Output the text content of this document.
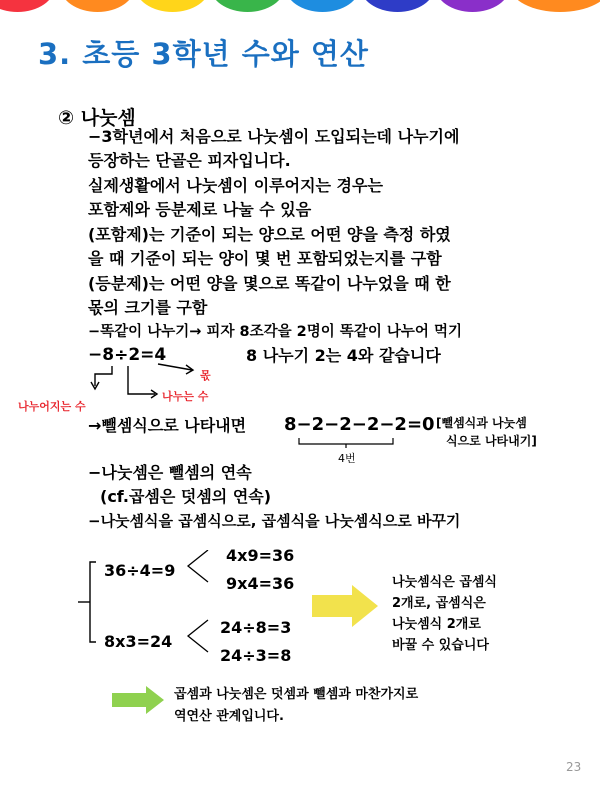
3. 초등 3학년 수와 연산
② 나눗셈
−3학년에서 처음으로 나눗셈이 도입되는데 나누기에
등장하는 단골은 피자입니다.
실제생활에서 나눗셈이 이루어지는 경우는
포함제와 등분제로 나눌 수 있음
(포함제)는 기준이 되는 양으로 어떤 양을 측정 하였
을 때 기준이 되는 양이 몇 번 포함되었는지를 구함
(등분제)는 어떤 양을 몇으로 똑같이 나누었을 때 한
몫의 크기를 구함
−똑같이 나누기→ 피자 8조각을 2명이 똑같이 나누어 먹기
−8÷2=4	8 나누기 2는 4와 같습니다
몫
나누어지는 수
나누는 수
→뺄셈식으로 나타내면 8−2−2−2−2=0
4번
[뺄셈식과 나눗셈
식으로 나타내기]
−나눗셈은 뺄셈의 연속
(cf.곱셈은 덧셈의 연속)
−나눗셈식을 곱셈식으로, 곱셈식을 나눗셈식으로 바꾸기
36÷4=9
4x9=36
9x4=36
8x3=24
24÷8=3
24÷3=8
나눗셈식은 곱셈식
2개로, 곱셈식은
나눗셈식 2개로
바꿀 수 있습니다
곱셈과 나눗셈은 덧셈과 뺄셈과 마찬가지로
역연산 관계입니다.
23
